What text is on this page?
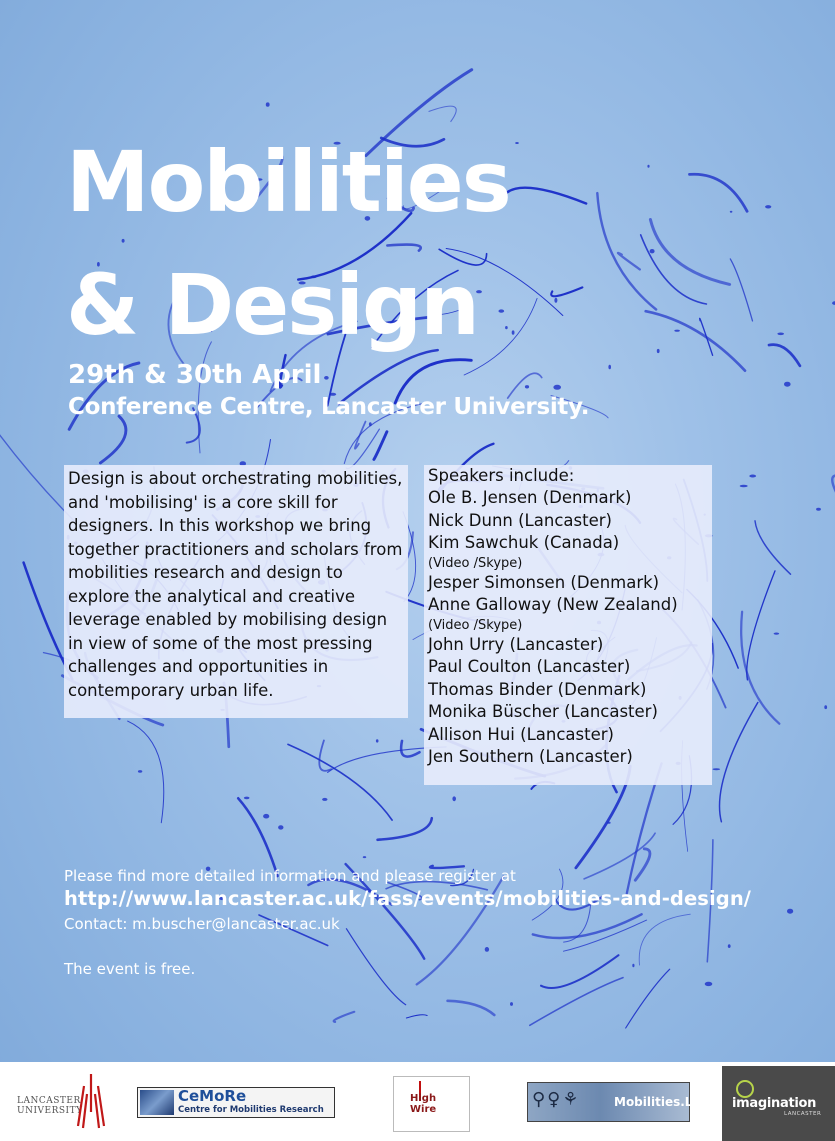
Mobilities
& Design

29th & 30th April

Conference Centre, Lancaster University.

Design is about orchestrating mobilities, and 'mobilising' is a core skill for designers. In this workshop we bring together practitioners and scholars from mobilities research and design to explore the analytical and creative leverage enabled by mobilising design in view of some of the most pressing challenges and opportunities in contemporary urban life.
Speakers include:
Ole B. Jensen (Denmark)
Nick Dunn (Lancaster)
Kim Sawchuk (Canada)
(Video /Skype)
Jesper Simonsen (Denmark)
Anne Galloway (New Zealand)
(Video /Skype)
John Urry (Lancaster)
Paul Coulton (Lancaster)
Thomas Binder (Denmark)
Monika Büscher (Lancaster)
Allison Hui (Lancaster)
Jen Southern (Lancaster)

Please find more detailed information and please register at

http://www.lancaster.ac.uk/fass/events/mobilities-and-design/

Contact: m.buscher@lancaster.ac.uk

The event is free.

LANCASTER
UNIVERSITY
CeMoRe
Centre for Mobilities Research
High
Wire	⚲♀⚘	Mobilities.Lab imagination
LANCASTER
